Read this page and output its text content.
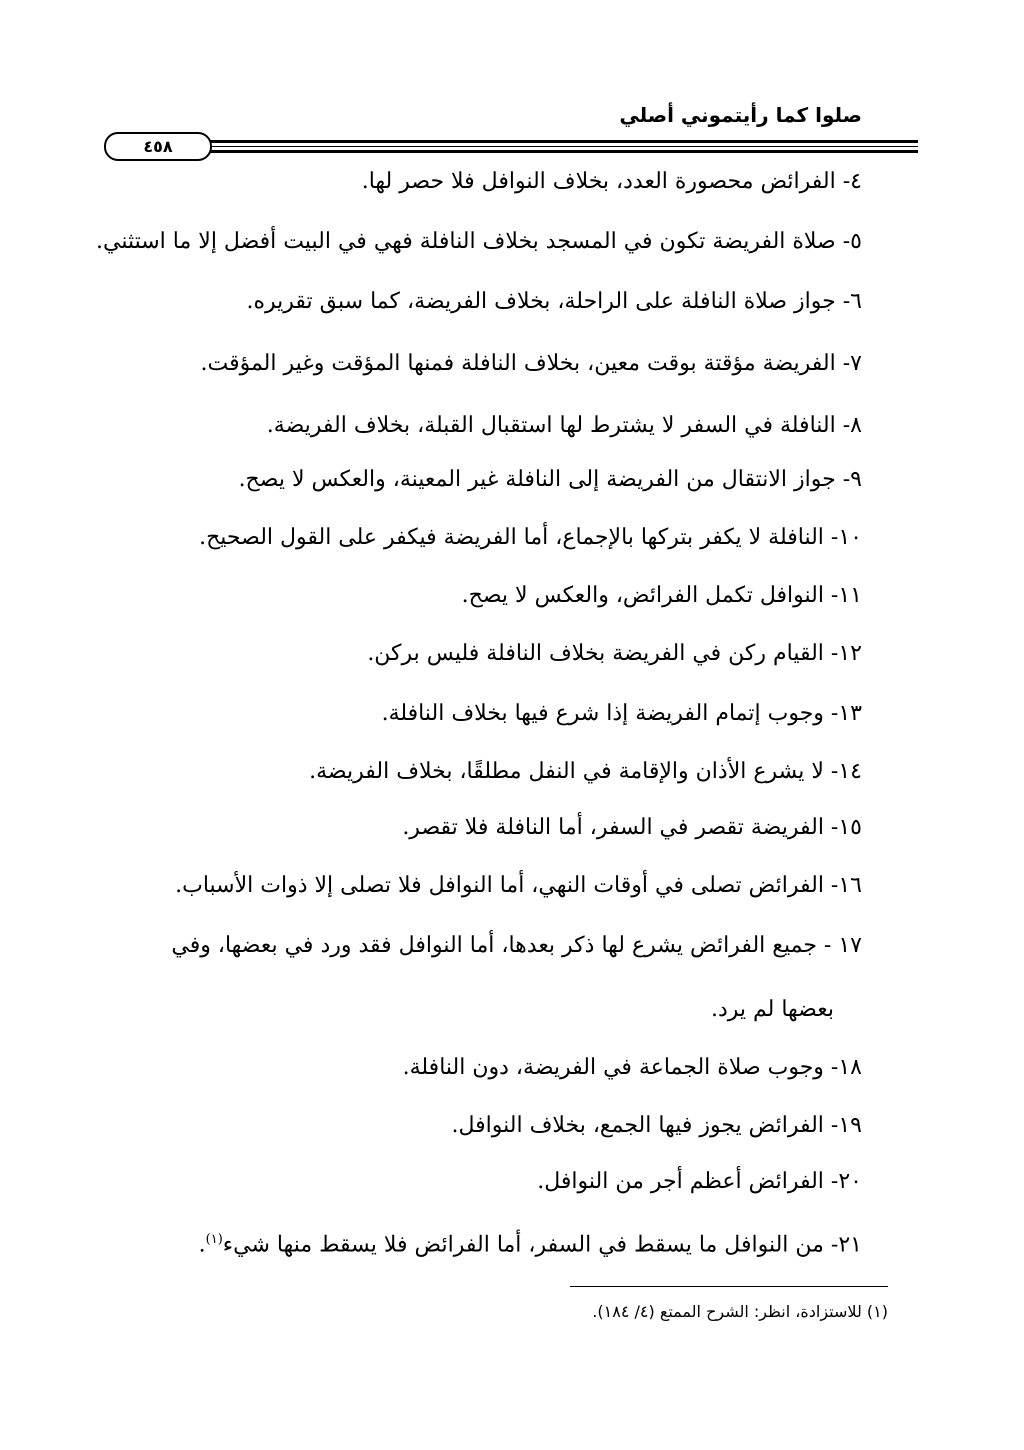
صلوا كما رأيتموني أصلي
٤٥٨
٤- الفرائض محصورة العدد، بخلاف النوافل فلا حصر لها.
٥- صلاة الفريضة تكون في المسجد بخلاف النافلة فهي في البيت أفضل إلا ما استثني.
٦- جواز صلاة النافلة على الراحلة، بخلاف الفريضة، كما سبق تقريره.
٧- الفريضة مؤقتة بوقت معين، بخلاف النافلة فمنها المؤقت وغير المؤقت.
٨- النافلة في السفر لا يشترط لها استقبال القبلة، بخلاف الفريضة.
٩- جواز الانتقال من الفريضة إلى النافلة غير المعينة، والعكس لا يصح.
١٠- النافلة لا يكفر بتركها بالإجماع، أما الفريضة فيكفر على القول الصحيح.
١١- النوافل تكمل الفرائض، والعكس لا يصح.
١٢- القيام ركن في الفريضة بخلاف النافلة فليس بركن.
١٣- وجوب إتمام الفريضة إذا شرع فيها بخلاف النافلة.
١٤- لا يشرع الأذان والإقامة في النفل مطلقًا، بخلاف الفريضة.
١٥- الفريضة تقصر في السفر، أما النافلة فلا تقصر.
١٦- الفرائض تصلى في أوقات النهي، أما النوافل فلا تصلى إلا ذوات الأسباب.
١٧ - جميع الفرائض يشرع لها ذكر بعدها، أما النوافل فقد ورد في بعضها، وفي
بعضها لم يرد.
١٨- وجوب صلاة الجماعة في الفريضة، دون النافلة.
١٩- الفرائض يجوز فيها الجمع، بخلاف النوافل.
٢٠- الفرائض أعظم أجر من النوافل.
٢١- من النوافل ما يسقط في السفر، أما الفرائض فلا يسقط منها شيء$^{(١)}$.
(١) للاستزادة، انظر: الشرح الممتع (٤/ ١٨٤).
